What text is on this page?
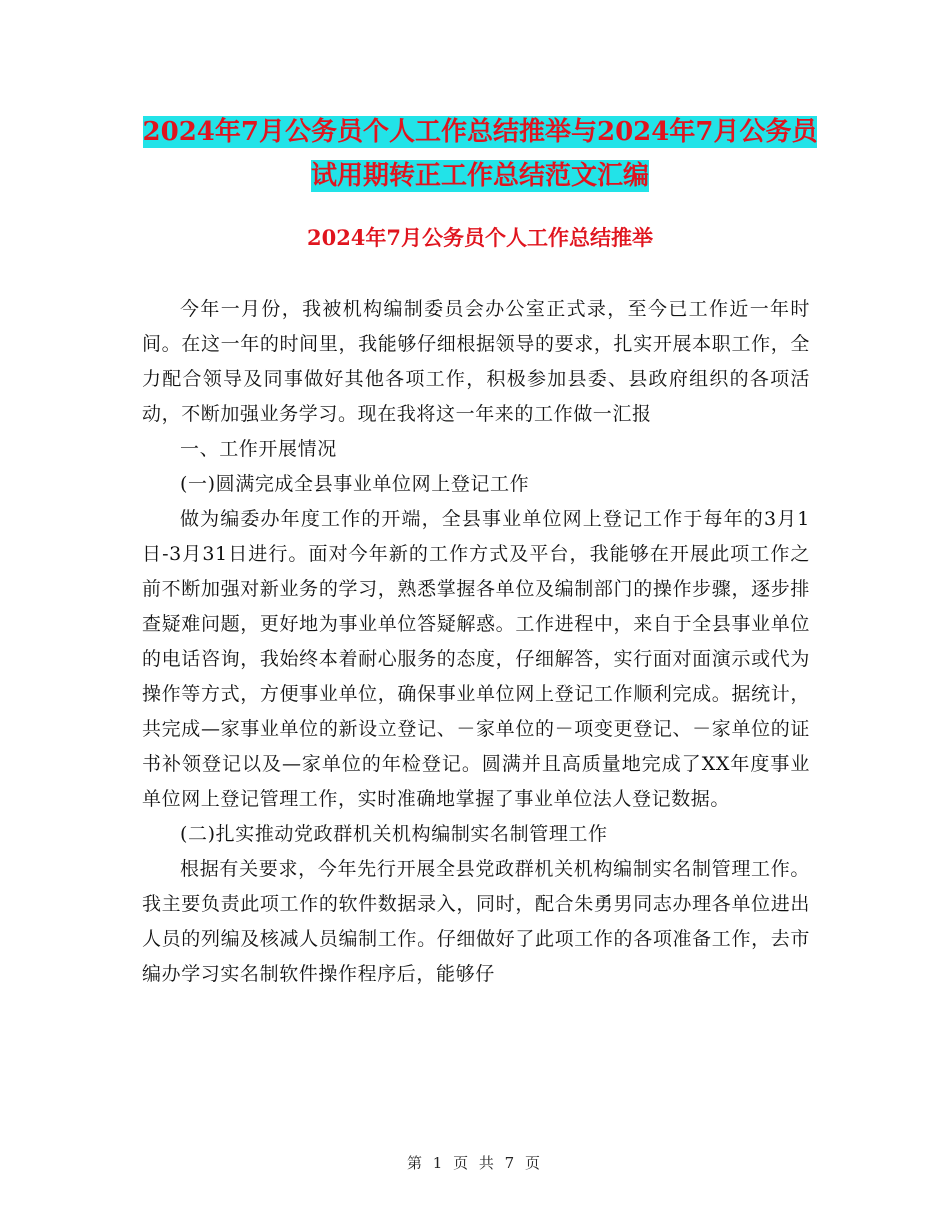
2024年7月公务员个人工作总结推举与2024年7月公务员试用期转正工作总结范文汇编
2024年7月公务员个人工作总结推举

今年一月份，我被机构编制委员会办公室正式录，至今已工作近一年时间。在这一年的时间里，我能够仔细根据领导的要求，扎实开展本职工作，全力配合领导及同事做好其他各项工作，积极参加县委、县政府组织的各项活动，不断加强业务学习。现在我将这一年来的工作做一汇报

一、工作开展情况

(一)圆满完成全县事业单位网上登记工作

做为编委办年度工作的开端，全县事业单位网上登记工作于每年的3月1日-3月31日进行。面对今年新的工作方式及平台，我能够在开展此项工作之前不断加强对新业务的学习，熟悉掌握各单位及编制部门的操作步骤，逐步排查疑难问题，更好地为事业单位答疑解惑。工作进程中，来自于全县事业单位的电话咨询，我始终本着耐心服务的态度，仔细解答，实行面对面演示或代为操作等方式，方便事业单位，确保事业单位网上登记工作顺利完成。据统计，共完成—家事业单位的新设立登记、－家单位的－项变更登记、－家单位的证书补领登记以及—家单位的年检登记。圆满并且高质量地完成了XX年度事业单位网上登记管理工作，实时准确地掌握了事业单位法人登记数据。

(二)扎实推动党政群机关机构编制实名制管理工作

根据有关要求，今年先行开展全县党政群机关机构编制实名制管理工作。我主要负责此项工作的软件数据录入，同时，配合朱勇男同志办理各单位进出人员的列编及核减人员编制工作。仔细做好了此项工作的各项准备工作，去市编办学习实名制软件操作程序后，能够仔

第 1 页 共 7 页
